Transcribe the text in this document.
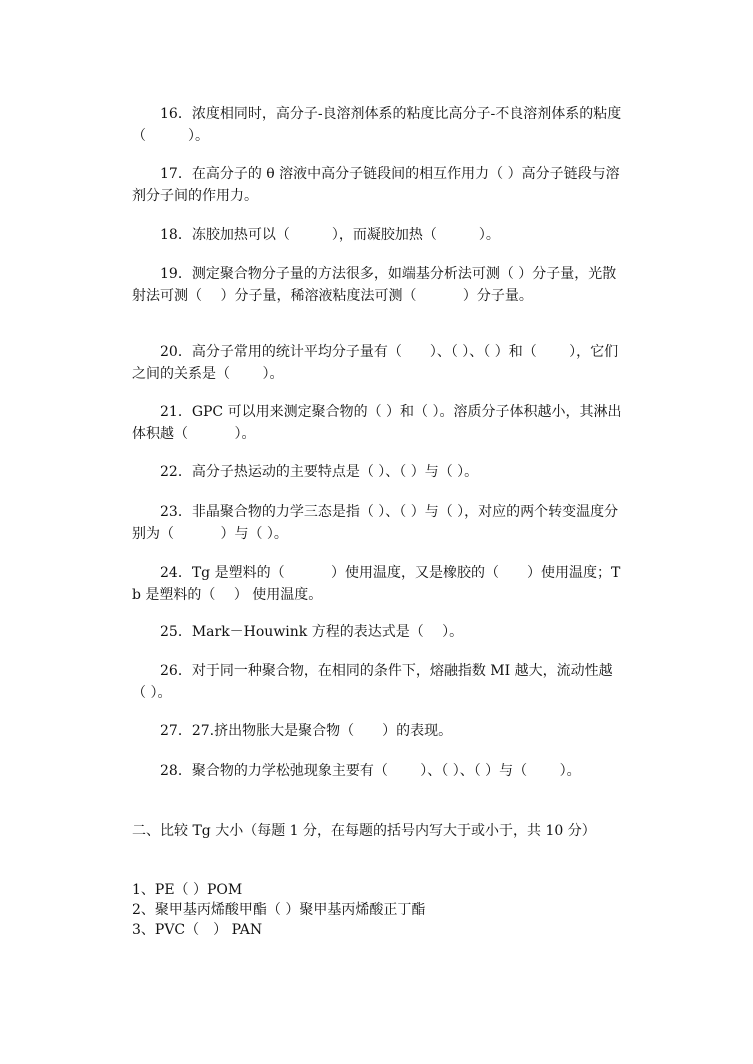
16．浓度相同时，高分子-良溶剂体系的粘度比高分子-不良溶剂体系的粘度（　　　）。

17．在高分子的 θ 溶液中高分子链段间的相互作用力（ ）高分子链段与溶剂分子间的作用力。

18．冻胶加热可以（　　　），而凝胶加热（　　　）。

19．测定聚合物分子量的方法很多，如端基分析法可测（ ）分子量，光散射法可测（　 ）分子量，稀溶液粘度法可测（　　　 ）分子量。

20．高分子常用的统计平均分子量有（　　）、（ ）、（ ）和（　　 ），它们之间的关系是（　　 ）。

21．GPC 可以用来测定聚合物的（ ）和（ ）。溶质分子体积越小，其淋出体积越（　　　 ）。

22．高分子热运动的主要特点是（ ）、（ ）与（ ）。

23．非晶聚合物的力学三态是指（ ）、（ ）与（ ），对应的两个转变温度分别为（　　　 ）与（ ）。

24．Tg 是塑料的（　　　 ）使用温度，又是橡胶的（　　）使用温度；Tb 是塑料的（　 ） 使用温度。

25．Mark－Houwink 方程的表达式是（　 ）。

26．对于同一种聚合物，在相同的条件下，熔融指数 MI 越大，流动性越（ ）。

27．27.挤出物胀大是聚合物（　　）的表现。

28．聚合物的力学松弛现象主要有（　　 ）、（ ）、（ ）与（　　 ）。

二、比较 Tg 大小（每题 1 分，在每题的括号内写大于或小于，共 10 分）

1、PE（ ）POM
2、聚甲基丙烯酸甲酯（ ）聚甲基丙烯酸正丁酯
3、PVC（　） PAN
